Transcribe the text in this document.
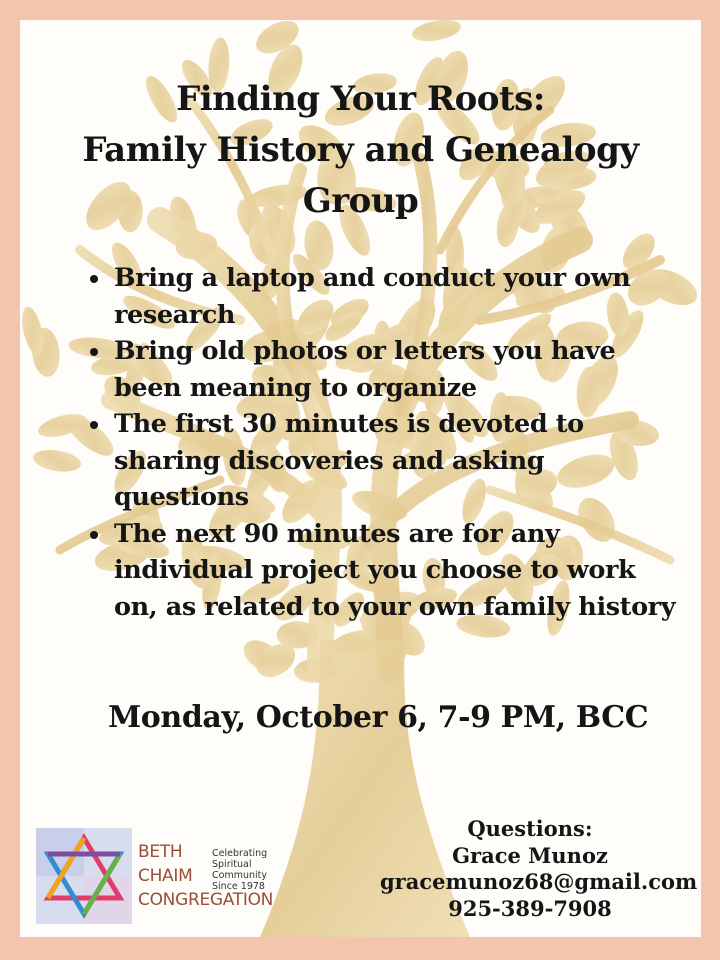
Finding Your Roots:
Family History and Genealogy
Group
Bring a laptop and conduct your own
research
Bring old photos or letters you have
been meaning to organize
The first 30 minutes is devoted to
sharing discoveries and asking
questions
The next 90 minutes are for any
individual project you choose to work
on, as related to your own family history
Monday, October 6, 7-9 PM, BCC
Questions:
Grace Munoz
gracemunoz68@gmail.com
925-389-7908
BETH
CHAIM
CONGREGATION
Celebrating
Spiritual
Community
Since 1978
